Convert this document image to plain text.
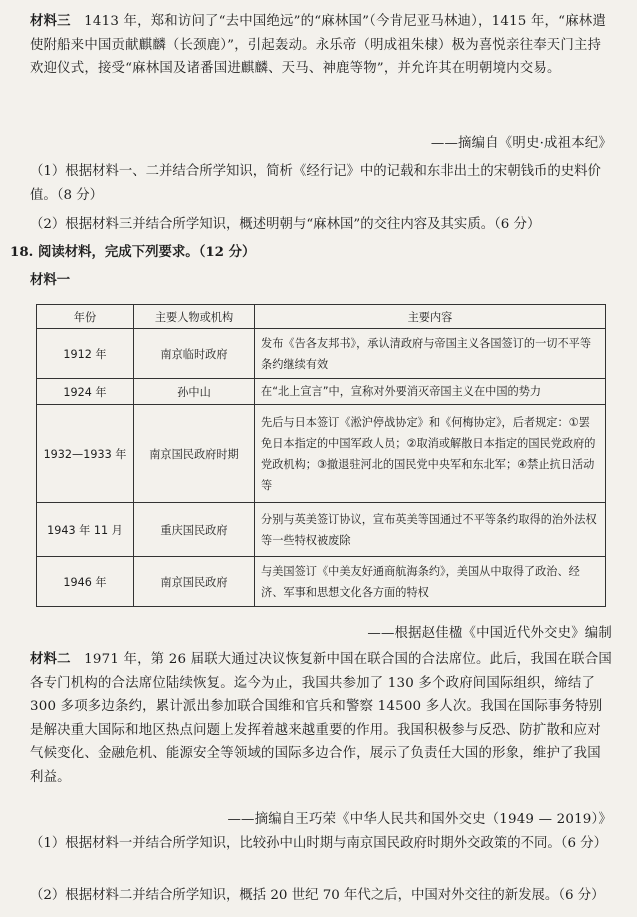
材料三 1413 年，郑和访问了“去中国绝远”的“麻林国”（今肯尼亚马林迪），1415 年，“麻林遣使附船来中国贡献麒麟（长颈鹿）”，引起轰动。永乐帝（明成祖朱棣）极为喜悦亲往奉天门主持欢迎仪式，接受“麻林国及诸番国进麒麟、天马、神鹿等物”，并允许其在明朝境内交易。
——摘编自《明史·成祖本纪》
（1）根据材料一、二并结合所学知识，简析《经行记》中的记载和东非出土的宋朝钱币的史料价值。（8 分）
（2）根据材料三并结合所学知识，概述明朝与“麻林国”的交往内容及其实质。（6 分）
18. 阅读材料，完成下列要求。（12 分）
材料一
年份	主要人物或机构	主要内容
1912 年	南京临时政府	发布《告各友邦书》，承认清政府与帝国主义各国签订的一切不平等条约继续有效
1924 年	孙中山	在“北上宣言”中，宣称对外要消灭帝国主义在中国的势力
1932—1933 年	南京国民政府时期	先后与日本签订《淞沪停战协定》和《何梅协定》，后者规定：①罢免日本指定的中国军政人员；②取消或解散日本指定的国民党政府的党政机构；③撤退驻河北的国民党中央军和东北军；④禁止抗日活动等
1943 年 11 月	重庆国民政府	分别与英美签订协议，宣布英美等国通过不平等条约取得的治外法权等一些特权被废除
1946 年	南京国民政府	与美国签订《中美友好通商航海条约》，美国从中取得了政治、经济、军事和思想文化各方面的特权
——根据赵佳楹《中国近代外交史》编制
材料二 1971 年，第 26 届联大通过决议恢复新中国在联合国的合法席位。此后，我国在联合国各专门机构的合法席位陆续恢复。迄今为止，我国共参加了 130 多个政府间国际组织，缔结了 300 多项多边条约，累计派出参加联合国维和官兵和警察 14500 多人次。我国在国际事务特别是解决重大国际和地区热点问题上发挥着越来越重要的作用。我国积极参与反恐、防扩散和应对气候变化、金融危机、能源安全等领域的国际多边合作，展示了负责任大国的形象，维护了我国利益。
——摘编自王巧荣《中华人民共和国外交史（1949 — 2019）》
（1）根据材料一并结合所学知识，比较孙中山时期与南京国民政府时期外交政策的不同。（6 分）
（2）根据材料二并结合所学知识，概括 20 世纪 70 年代之后，中国对外交往的新发展。（6 分）
